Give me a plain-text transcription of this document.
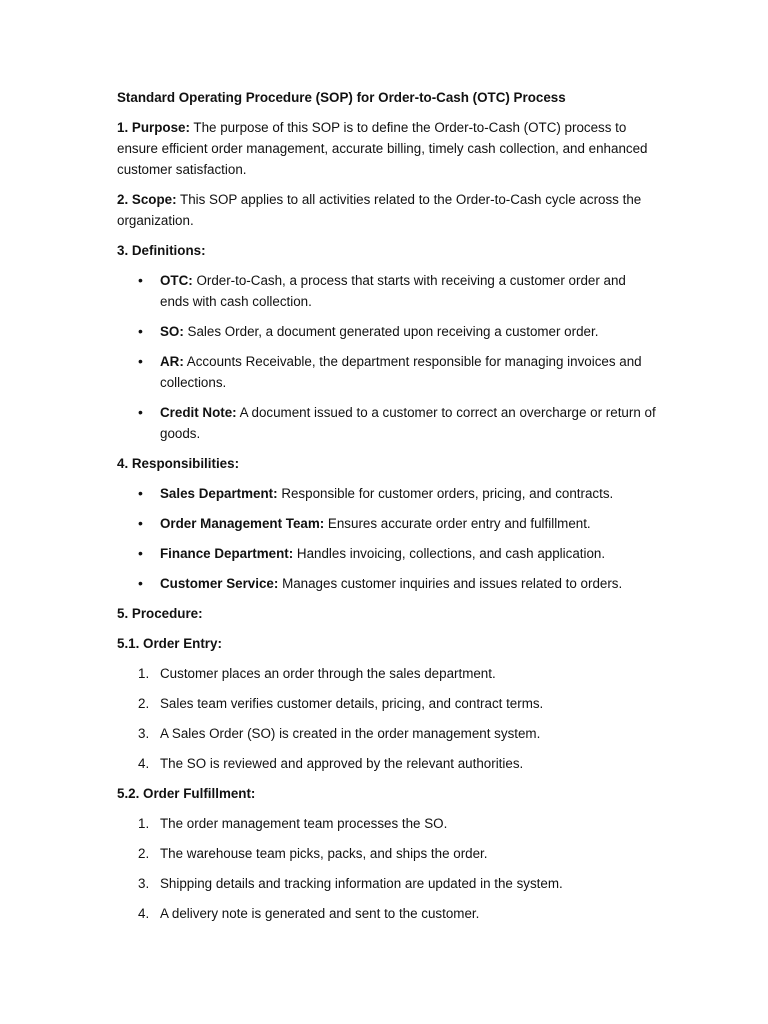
Standard Operating Procedure (SOP) for Order-to-Cash (OTC) Process

1. Purpose: The purpose of this SOP is to define the Order-to-Cash (OTC) process to ensure efficient order management, accurate billing, timely cash collection, and enhanced customer satisfaction.

2. Scope: This SOP applies to all activities related to the Order-to-Cash cycle across the organization.

3. Definitions:
• OTC: Order-to-Cash, a process that starts with receiving a customer order and ends with cash collection.
• SO: Sales Order, a document generated upon receiving a customer order.
• AR: Accounts Receivable, the department responsible for managing invoices and collections.
• Credit Note: A document issued to a customer to correct an overcharge or return of goods.
4. Responsibilities:
• Sales Department: Responsible for customer orders, pricing, and contracts.
• Order Management Team: Ensures accurate order entry and fulfillment.
• Finance Department: Handles invoicing, collections, and cash application.
• Customer Service: Manages customer inquiries and issues related to orders.
5. Procedure:
5.1. Order Entry:
1. Customer places an order through the sales department.
2. Sales team verifies customer details, pricing, and contract terms.
3. A Sales Order (SO) is created in the order management system.
4. The SO is reviewed and approved by the relevant authorities.
5.2. Order Fulfillment:
1. The order management team processes the SO.
2. The warehouse team picks, packs, and ships the order.
3. Shipping details and tracking information are updated in the system.
4. A delivery note is generated and sent to the customer.
